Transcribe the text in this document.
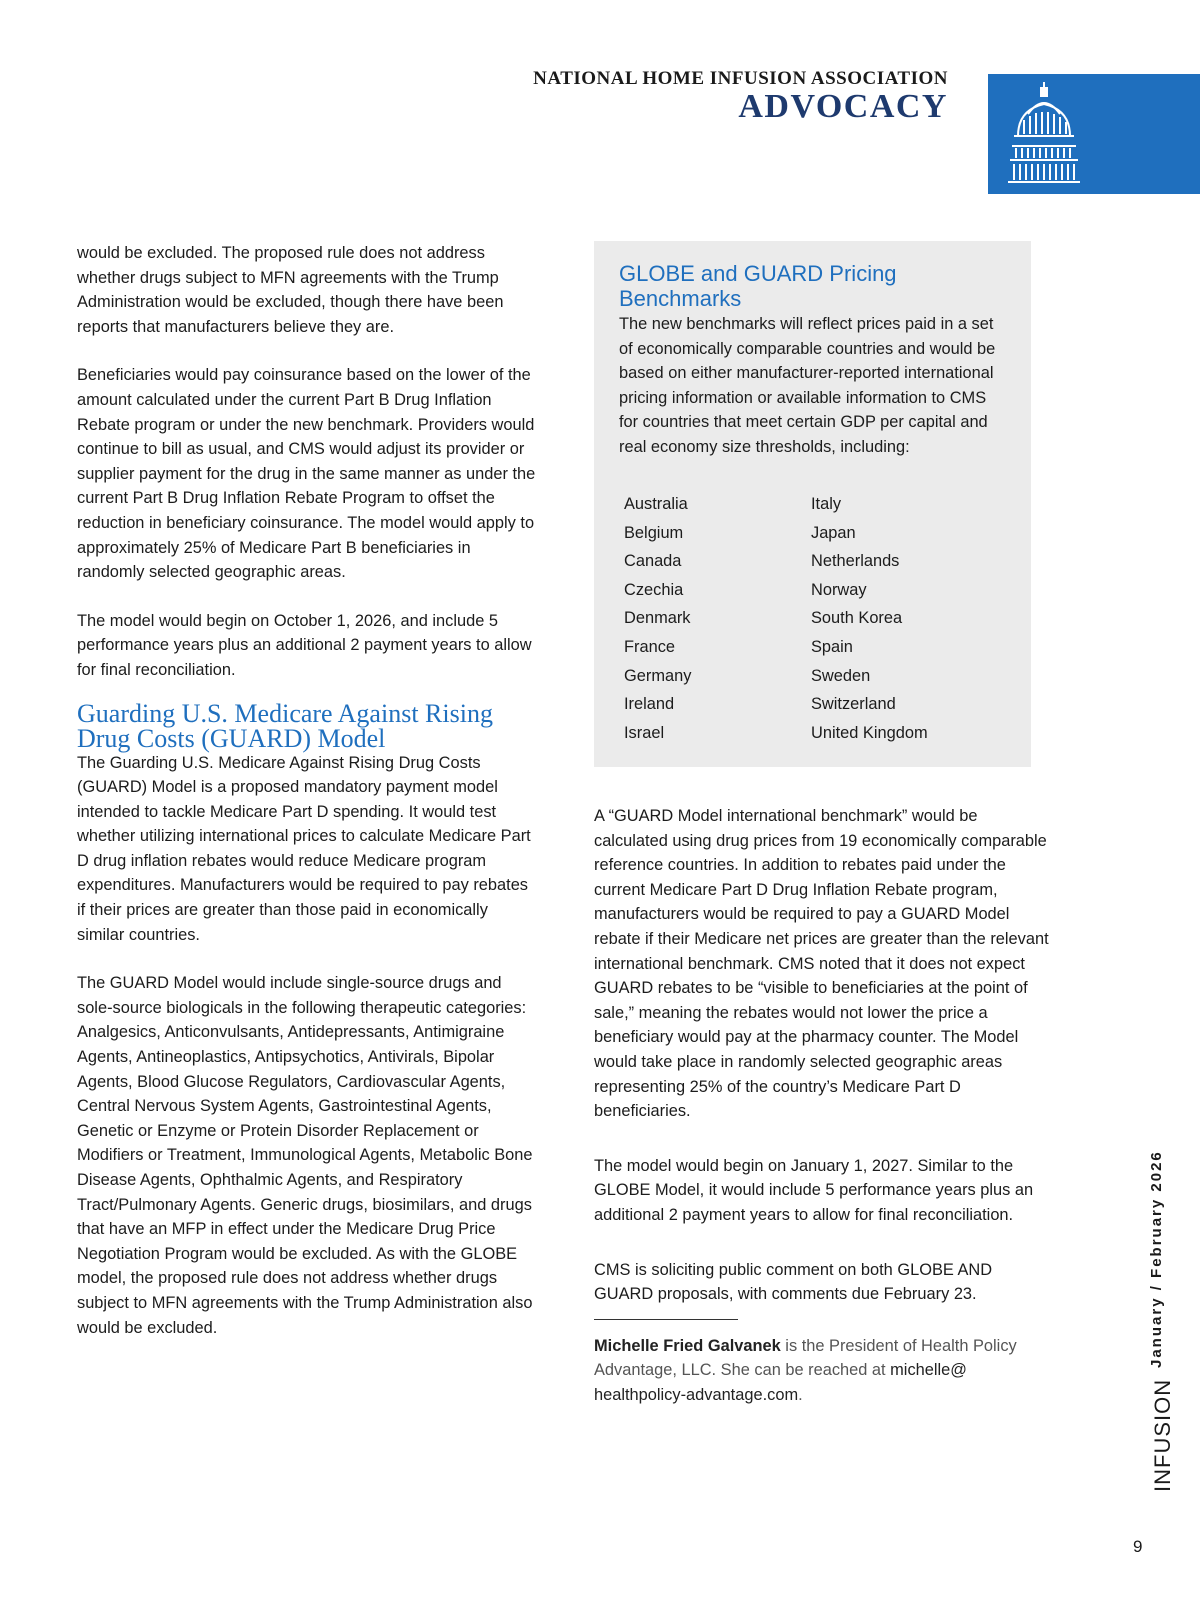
NATIONAL HOME INFUSION ASSOCIATION
ADVOCACY

would be excluded. The proposed rule does not address whether drugs subject to MFN agreements with the Trump Administration would be excluded, though there have been reports that manufacturers believe they are.

Beneficiaries would pay coinsurance based on the lower of the amount calculated under the current Part B Drug Inflation Rebate program or under the new benchmark. Providers would continue to bill as usual, and CMS would adjust its provider or supplier payment for the drug in the same manner as under the current Part B Drug Inflation Rebate Program to offset the reduction in beneficiary coinsurance. The model would apply to approximately 25% of Medicare Part B beneficiaries in randomly selected geographic areas.

The model would begin on October 1, 2026, and include 5 performance years plus an additional 2 payment years to allow for final reconciliation.

Guarding U.S. Medicare Against Rising Drug Costs (GUARD) Model

The Guarding U.S. Medicare Against Rising Drug Costs (GUARD) Model is a proposed mandatory payment model intended to tackle Medicare Part D spending. It would test whether utilizing international prices to calculate Medicare Part D drug inflation rebates would reduce Medicare program expenditures. Manufacturers would be required to pay rebates if their prices are greater than those paid in economically similar countries.

The GUARD Model would include single-source drugs and sole-source biologicals in the following therapeutic categories: Analgesics, Anticonvulsants, Antidepressants, Antimigraine Agents, Antineoplastics, Antipsychotics, Antivirals, Bipolar Agents, Blood Glucose Regulators, Cardiovascular Agents, Central Nervous System Agents, Gastrointestinal Agents, Genetic or Enzyme or Protein Disorder Replacement or Modifiers or Treatment, Immunological Agents, Metabolic Bone Disease Agents, Ophthalmic Agents, and Respiratory Tract/Pulmonary Agents. Generic drugs, biosimilars, and drugs that have an MFP in effect under the Medicare Drug Price Negotiation Program would be excluded. As with the GLOBE model, the proposed rule does not address whether drugs subject to MFN agreements with the Trump Administration also would be excluded.

GLOBE and GUARD Pricing Benchmarks
The new benchmarks will reflect prices paid in a set of economically comparable countries and would be based on either manufacturer-reported international pricing information or available information to CMS for countries that meet certain GDP per capital and real economy size thresholds, including:
Australia
Belgium
Canada
Czechia
Denmark
France
Germany
Ireland
Israel
Italy
Japan
Netherlands
Norway
South Korea
Spain
Sweden
Switzerland
United Kingdom

A “GUARD Model international benchmark” would be calculated using drug prices from 19 economically comparable reference countries. In addition to rebates paid under the current Medicare Part D Drug Inflation Rebate program, manufacturers would be required to pay a GUARD Model rebate if their Medicare net prices are greater than the relevant international benchmark. CMS noted that it does not expect GUARD rebates to be “visible to beneficiaries at the point of sale,” meaning the rebates would not lower the price a beneficiary would pay at the pharmacy counter. The Model would take place in randomly selected geographic areas representing 25% of the country’s Medicare Part D beneficiaries.

The model would begin on January 1, 2027. Similar to the GLOBE Model, it would include 5 performance years plus an additional 2 payment years to allow for final reconciliation.

CMS is soliciting public comment on both GLOBE AND GUARD proposals, with comments due February 23.

Michelle Fried Galvanek is the President of Health Policy Advantage, LLC. She can be reached at michelle@ healthpolicy-advantage.com.

January / February 2026
INFUSION
9
